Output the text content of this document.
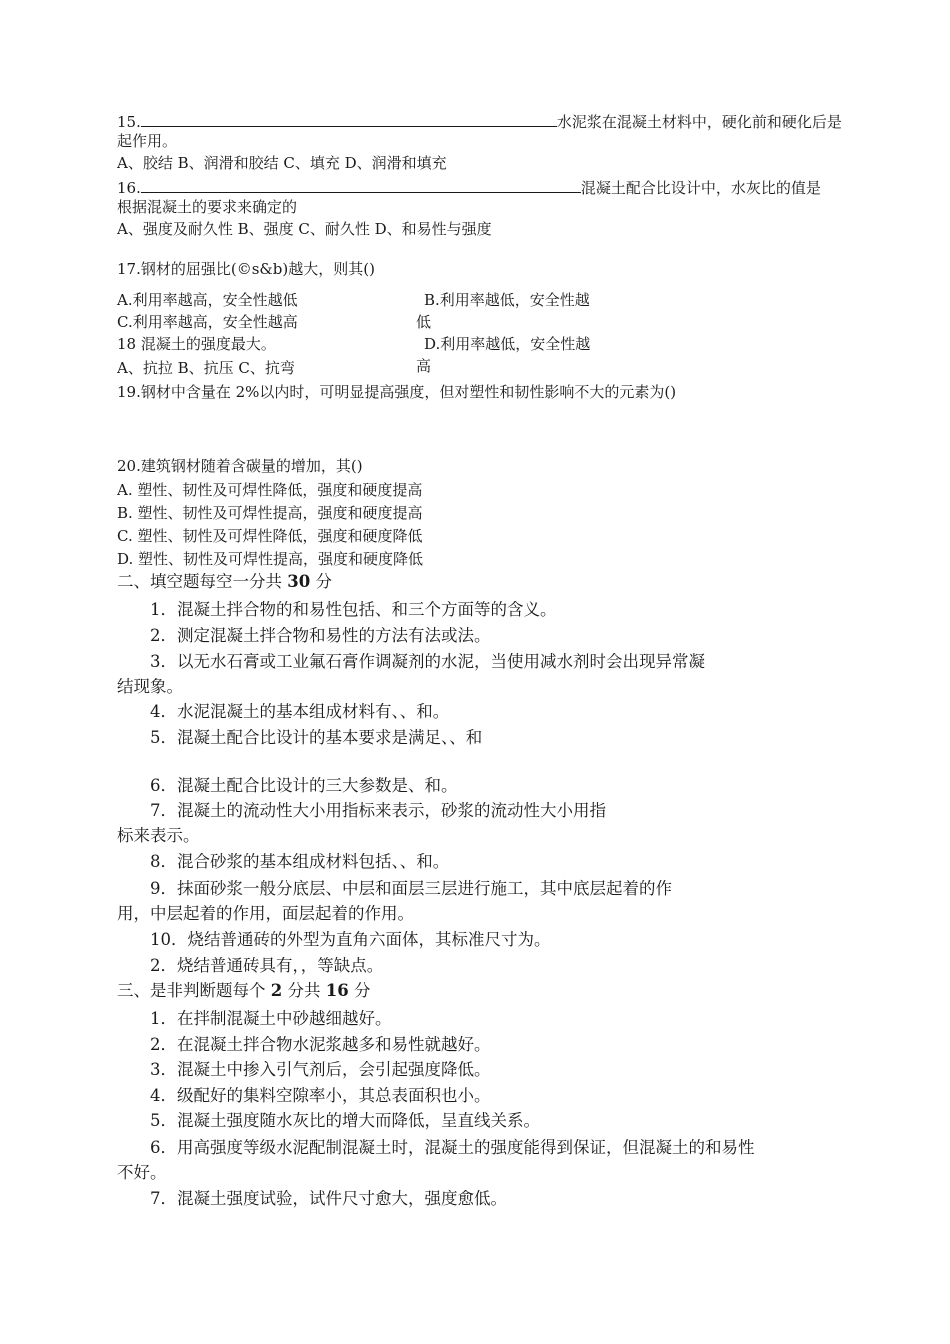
15.	水泥浆在混凝土材料中，硬化前和硬化后是
起作用。
A、胶结 B、润滑和胶结 C、填充 D、润滑和填充
16.	混凝土配合比设计中，水灰比的值是
根据混凝土的要求来确定的
A、强度及耐久性 B、强度 C、耐久性 D、和易性与强度
17.钢材的屈强比(©s&b)越大，则其()
A.利用率越高，安全性越低	B.利用率越低，安全性越
C.利用率越高，安全性越高	低
18 混凝土的强度最大。	D.利用率越低，安全性越
A、抗拉 B、抗压 C、抗弯	高
19.钢材中含量在 2%以内时，可明显提高强度，但对塑性和韧性影响不大的元素为()
20.建筑钢材随着含碳量的增加，其()
A. 塑性、韧性及可焊性降低，强度和硬度提高
B. 塑性、韧性及可焊性提高，强度和硬度提高
C. 塑性、韧性及可焊性降低，强度和硬度降低
D. 塑性、韧性及可焊性提高，强度和硬度降低
二、填空题每空一分共 30 分
1．混凝土拌合物的和易性包括、和三个方面等的含义。
2．测定混凝土拌合物和易性的方法有法或法。
3．以无水石膏或工业氟石膏作调凝剂的水泥，当使用减水剂时会出现异常凝
结现象。
4．水泥混凝土的基本组成材料有、、和。
5．混凝土配合比设计的基本要求是满足、、和
6．混凝土配合比设计的三大参数是、和。
7．混凝土的流动性大小用指标来表示，砂浆的流动性大小用指
标来表示。
8．混合砂浆的基本组成材料包括、、和。
9．抹面砂浆一般分底层、中层和面层三层进行施工，其中底层起着的作
用，中层起着的作用，面层起着的作用。
10．烧结普通砖的外型为直角六面体，其标准尺寸为。
2．烧结普通砖具有，，等缺点。
三、是非判断题每个 2 分共 16 分
1．在拌制混凝土中砂越细越好。
2．在混凝土拌合物水泥浆越多和易性就越好。
3．混凝土中掺入引气剂后，会引起强度降低。
4．级配好的集料空隙率小，其总表面积也小。
5．混凝土强度随水灰比的增大而降低，呈直线关系。
6．用高强度等级水泥配制混凝土时，混凝土的强度能得到保证，但混凝土的和易性
不好。
7．混凝土强度试验，试件尺寸愈大，强度愈低。
